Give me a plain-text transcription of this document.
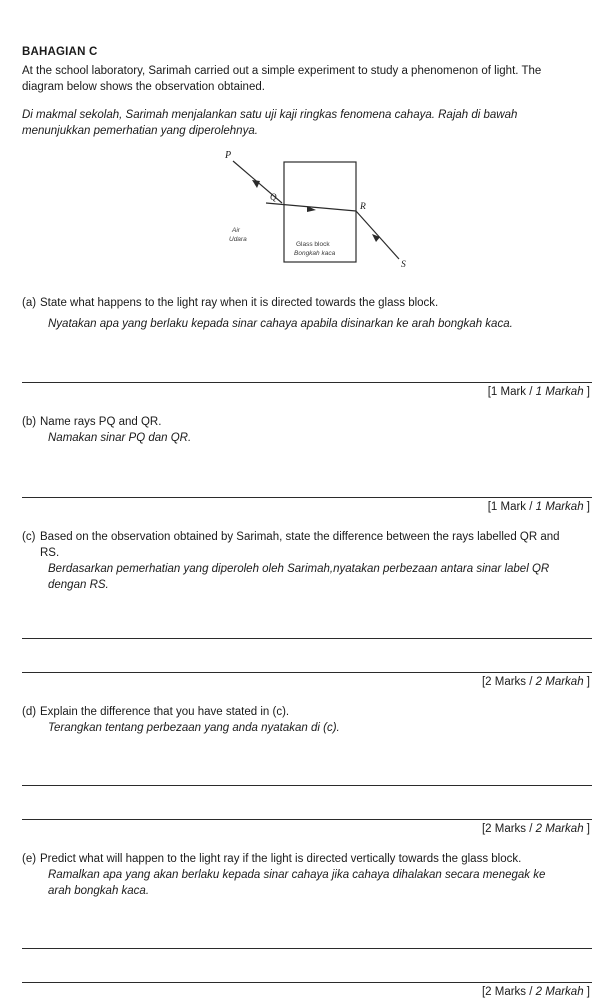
BAHAGIAN C

At the school laboratory, Sarimah carried out a simple experiment to study a phenomenon of light. The diagram below shows the observation obtained.

Di makmal sekolah, Sarimah menjalankan satu uji kaji ringkas fenomena cahaya. Rajah di bawah menunjukkan pemerhatian yang diperolehnya.

P
Q
R
S
Air
Udara
Glass block
Bongkah kaca
(a) State what happens to the light ray when it is directed towards the glass block.

Nyatakan apa yang berlaku kepada sinar cahaya apabila disinarkan ke arah bongkah kaca.

[1 Mark / 1 Markah ]
(b) Name rays PQ and QR.

Namakan sinar PQ dan QR.

[1 Mark / 1 Markah ]
(c) Based on the observation obtained by Sarimah, state the difference between the rays labelled QR and RS.

Berdasarkan pemerhatian yang diperoleh oleh Sarimah,nyatakan perbezaan antara sinar label QR dengan RS.

[2 Marks / 2 Markah ]
(d) Explain the difference that you have stated in (c).

Terangkan tentang perbezaan yang anda nyatakan di (c).

[2 Marks / 2 Markah ]
(e) Predict what will happen to the light ray if the light is directed vertically towards the glass block.

Ramalkan apa yang akan berlaku kepada sinar cahaya jika cahaya dihalakan secara menegak ke arah bongkah kaca.

[2 Marks / 2 Markah ]
